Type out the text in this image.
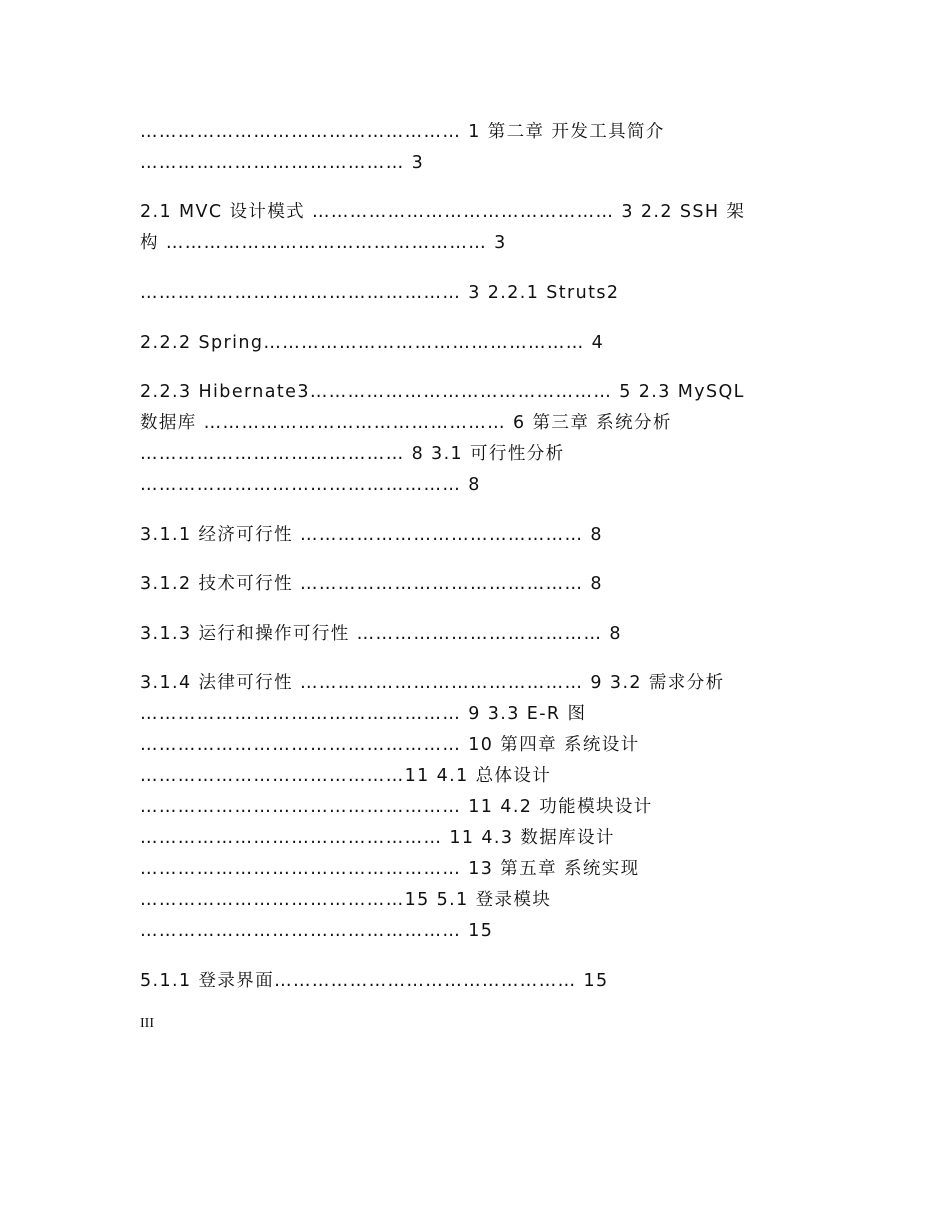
…………………………………………… 1 第二章 开发工具简介
…………………………………… 3
2.1 MVC 设计模式 ………………………………………… 3 2.2 SSH 架
构 …………………………………………… 3
…………………………………………… 3 2.2.1 Struts2
2.2.2 Spring…………………………………………… 4
2.2.3 Hibernate3………………………………………… 5 2.3 MySQL
数据库 ………………………………………… 6 第三章 系统分析
…………………………………… 8 3.1 可行性分析
…………………………………………… 8
3.1.1 经济可行性 ……………………………………… 8
3.1.2 技术可行性 ……………………………………… 8
3.1.3 运行和操作可行性 ………………………………… 8
3.1.4 法律可行性 ……………………………………… 9 3.2 需求分析
…………………………………………… 9 3.3 E-R 图
…………………………………………… 10 第四章 系统设计
……………………………………11 4.1 总体设计
…………………………………………… 11 4.2 功能模块设计
………………………………………… 11 4.3 数据库设计
…………………………………………… 13 第五章 系统实现
……………………………………15 5.1 登录模块
…………………………………………… 15
5.1.1 登录界面………………………………………… 15
III
